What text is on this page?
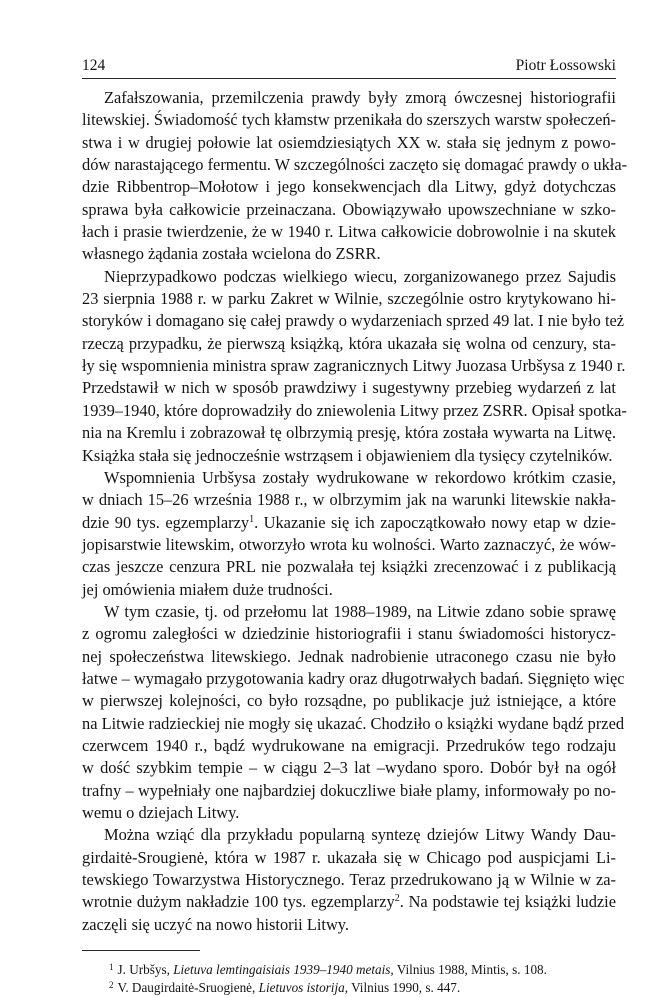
124	Piotr Łossowski

Zafałszowania, przemilczenia prawdy były zmorą ówczesnej historiografii
litewskiej. Świadomość tych kłamstw przenikała do szerszych warstw społeczeń-
stwa i w drugiej połowie lat osiemdziesiątych XX w. stała się jednym z powo-
dów narastającego fermentu. W szczególności zaczęto się domagać prawdy o ukła-
dzie Ribbentrop–Mołotow i jego konsekwencjach dla Litwy, gdyż dotychczas
sprawa była całkowicie przeinaczana. Obowiązywało upowszechniane w szko-
łach i prasie twierdzenie, że w 1940 r. Litwa całkowicie dobrowolnie i na skutek
własnego żądania została wcielona do ZSRR.

Nieprzypadkowo podczas wielkiego wiecu, zorganizowanego przez Sajudis
23 sierpnia 1988 r. w parku Zakret w Wilnie, szczególnie ostro krytykowano hi-
storyków i domagano się całej prawdy o wydarzeniach sprzed 49 lat. I nie było też
rzeczą przypadku, że pierwszą książką, która ukazała się wolna od cenzury, sta-
ły się wspomnienia ministra spraw zagranicznych Litwy Juozasa Urbšysa z 1940 r.
Przedstawił w nich w sposób prawdziwy i sugestywny przebieg wydarzeń z lat
1939–1940, które doprowadziły do zniewolenia Litwy przez ZSRR. Opisał spotka-
nia na Kremlu i zobrazował tę olbrzymią presję, która została wywarta na Litwę.
Książka stała się jednocześnie wstrząsem i objawieniem dla tysięcy czytelników.

Wspomnienia Urbšysa zostały wydrukowane w rekordowo krótkim czasie,
w dniach 15–26 września 1988 r., w olbrzymim jak na warunki litewskie nakła-
dzie 90 tys. egzemplarzy$^1$. Ukazanie się ich zapoczątkowało nowy etap w dzie-
jopisarstwie litewskim, otworzyło wrota ku wolności. Warto zaznaczyć, że wów-
czas jeszcze cenzura PRL nie pozwalała tej książki zrecenzować i z publikacją
jej omówienia miałem duże trudności.

W tym czasie, tj. od przełomu lat 1988–1989, na Litwie zdano sobie sprawę
z ogromu zaległości w dziedzinie historiografii i stanu świadomości historycz-
nej społeczeństwa litewskiego. Jednak nadrobienie utraconego czasu nie było
łatwe – wymagało przygotowania kadry oraz długotrwałych badań. Sięgnięto więc
w pierwszej kolejności, co było rozsądne, po publikacje już istniejące, a które
na Litwie radzieckiej nie mogły się ukazać. Chodziło o książki wydane bądź przed
czerwcem 1940 r., bądź wydrukowane na emigracji. Przedruków tego rodzaju
w dość szybkim tempie – w ciągu 2–3 lat –wydano sporo. Dobór był na ogół
trafny – wypełniały one najbardziej dokuczliwe białe plamy, informowały po no-
wemu o dziejach Litwy.

Można wziąć dla przykładu popularną syntezę dziejów Litwy Wandy Dau-
girdaitė-Srougienė, która w 1987 r. ukazała się w Chicago pod auspicjami Li-
tewskiego Towarzystwa Historycznego. Teraz przedrukowano ją w Wilnie w za-
wrotnie dużym nakładzie 100 tys. egzemplarzy$^2$. Na podstawie tej książki ludzie
zaczęli się uczyć na nowo historii Litwy.

$^1$ J. Urbšys, Lietuva lemtingaisiais 1939–1940 metais, Vilnius 1988, Mintis, s. 108.
$^2$ V. Daugirdaitė-Sruogienė, Lietuvos istorija, Vilnius 1990, s. 447.
